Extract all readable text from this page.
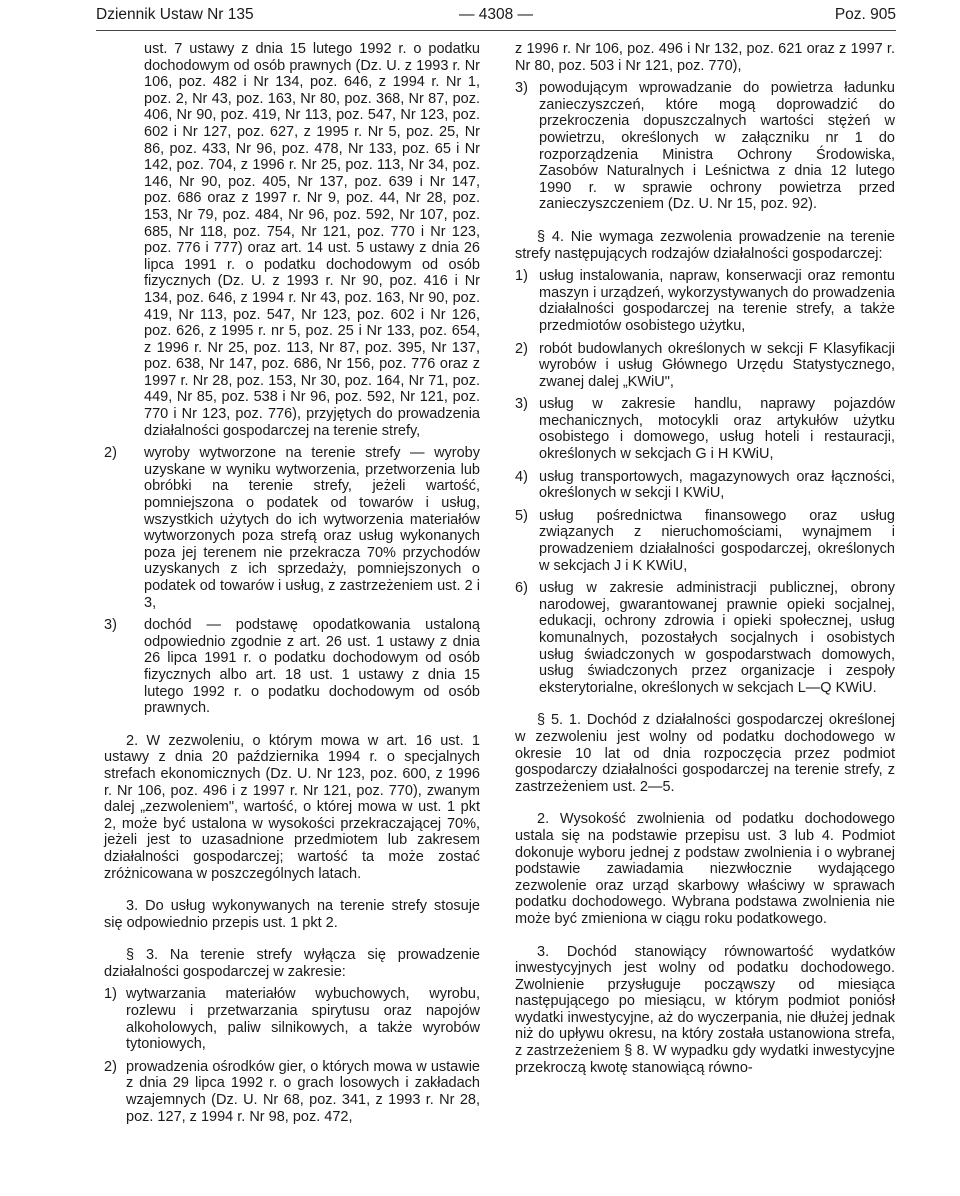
Dziennik Ustaw Nr 135	— 4308 —	Poz. 905

ust. 7 ustawy z dnia 15 lutego 1992 r. o podatku dochodowym od osób prawnych (Dz. U. z 1993 r. Nr 106, poz. 482 i Nr 134, poz. 646, z 1994 r. Nr 1, poz. 2, Nr 43, poz. 163, Nr 80, poz. 368, Nr 87, poz. 406, Nr 90, poz. 419, Nr 113, poz. 547, Nr 123, poz. 602 i Nr 127, poz. 627, z 1995 r. Nr 5, poz. 25, Nr 86, poz. 433, Nr 96, poz. 478, Nr 133, poz. 65 i Nr 142, poz. 704, z 1996 r. Nr 25, poz. 113, Nr 34, poz. 146, Nr 90, poz. 405, Nr 137, poz. 639 i Nr 147, poz. 686 oraz z 1997 r. Nr 9, poz. 44, Nr 28, poz. 153, Nr 79, poz. 484, Nr 96, poz. 592, Nr 107, poz. 685, Nr 118, poz. 754, Nr 121, poz. 770 i Nr 123, poz. 776 i 777) oraz art. 14 ust. 5 ustawy z dnia 26 lipca 1991 r. o podatku dochodowym od osób fizycznych (Dz. U. z 1993 r. Nr 90, poz. 416 i Nr 134, poz. 646, z 1994 r. Nr 43, poz. 163, Nr 90, poz. 419, Nr 113, poz. 547, Nr 123, poz. 602 i Nr 126, poz. 626, z 1995 r. nr 5, poz. 25 i Nr 133, poz. 654, z 1996 r. Nr 25, poz. 113, Nr 87, poz. 395, Nr 137, poz. 638, Nr 147, poz. 686, Nr 156, poz. 776 oraz z 1997 r. Nr 28, poz. 153, Nr 30, poz. 164, Nr 71, poz. 449, Nr 85, poz. 538 i Nr 96, poz. 592, Nr 121, poz. 770 i Nr 123, poz. 776), przyjętych do prowadzenia działalności gospodarczej na terenie strefy,

2) wyroby wytworzone na terenie strefy — wyroby uzyskane w wyniku wytworzenia, przetworzenia lub obróbki na terenie strefy, jeżeli wartość, pomniejszona o podatek od towarów i usług, wszystkich użytych do ich wytworzenia materiałów wytworzonych poza strefą oraz usług wykonanych poza jej terenem nie przekracza 70% przychodów uzyskanych z ich sprzedaży, pomniejszonych o podatek od towarów i usług, z zastrzeżeniem ust. 2 i 3,

3) dochód — podstawę opodatkowania ustaloną odpowiednio zgodnie z art. 26 ust. 1 ustawy z dnia 26 lipca 1991 r. o podatku dochodowym od osób fizycznych albo art. 18 ust. 1 ustawy z dnia 15 lutego 1992 r. o podatku dochodowym od osób prawnych.

2. W zezwoleniu, o którym mowa w art. 16 ust. 1 ustawy z dnia 20 października 1994 r. o specjalnych strefach ekonomicznych (Dz. U. Nr 123, poz. 600, z 1996 r. Nr 106, poz. 496 i z 1997 r. Nr 121, poz. 770), zwanym dalej „zezwoleniem", wartość, o której mowa w ust. 1 pkt 2, może być ustalona w wysokości przekraczającej 70%, jeżeli jest to uzasadnione przedmiotem lub zakresem działalności gospodarczej; wartość ta może zostać zróżnicowana w poszczególnych latach.

3. Do usług wykonywanych na terenie strefy stosuje się odpowiednio przepis ust. 1 pkt 2.

§ 3. Na terenie strefy wyłącza się prowadzenie działalności gospodarczej w zakresie:

1) wytwarzania materiałów wybuchowych, wyrobu, rozlewu i przetwarzania spirytusu oraz napojów alkoholowych, paliw silnikowych, a także wyrobów tytoniowych,

2) prowadzenia ośrodków gier, o których mowa w ustawie z dnia 29 lipca 1992 r. o grach losowych i zakładach wzajemnych (Dz. U. Nr 68, poz. 341, z 1993 r. Nr 28, poz. 127, z 1994 r. Nr 98, poz. 472,

z 1996 r. Nr 106, poz. 496 i Nr 132, poz. 621 oraz z 1997 r. Nr 80, poz. 503 i Nr 121, poz. 770),

3) powodującym wprowadzanie do powietrza ładunku zanieczyszczeń, które mogą doprowadzić do przekroczenia dopuszczalnych wartości stężeń w powietrzu, określonych w załączniku nr 1 do rozporządzenia Ministra Ochrony Środowiska, Zasobów Naturalnych i Leśnictwa z dnia 12 lutego 1990 r. w sprawie ochrony powietrza przed zanieczyszczeniem (Dz. U. Nr 15, poz. 92).

§ 4. Nie wymaga zezwolenia prowadzenie na terenie strefy następujących rodzajów działalności gospodarczej:

1) usług instalowania, napraw, konserwacji oraz remontu maszyn i urządzeń, wykorzystywanych do prowadzenia działalności gospodarczej na terenie strefy, a także przedmiotów osobistego użytku,

2) robót budowlanych określonych w sekcji F Klasyfikacji wyrobów i usług Głównego Urzędu Statystycznego, zwanej dalej „KWiU",

3) usług w zakresie handlu, naprawy pojazdów mechanicznych, motocykli oraz artykułów użytku osobistego i domowego, usług hoteli i restauracji, określonych w sekcjach G i H KWiU,

4) usług transportowych, magazynowych oraz łączności, określonych w sekcji I KWiU,

5) usług pośrednictwa finansowego oraz usług związanych z nieruchomościami, wynajmem i prowadzeniem działalności gospodarczej, określonych w sekcjach J i K KWiU,

6) usług w zakresie administracji publicznej, obrony narodowej, gwarantowanej prawnie opieki socjalnej, edukacji, ochrony zdrowia i opieki społecznej, usług komunalnych, pozostałych socjalnych i osobistych usług świadczonych w gospodarstwach domowych, usług świadczonych przez organizacje i zespoły eksterytorialne, określonych w sekcjach L—Q KWiU.

§ 5. 1. Dochód z działalności gospodarczej określonej w zezwoleniu jest wolny od podatku dochodowego w okresie 10 lat od dnia rozpoczęcia przez podmiot gospodarczy działalności gospodarczej na terenie strefy, z zastrzeżeniem ust. 2—5.

2. Wysokość zwolnienia od podatku dochodowego ustala się na podstawie przepisu ust. 3 lub 4. Podmiot dokonuje wyboru jednej z podstaw zwolnienia i o wybranej podstawie zawiadamia niezwłocznie wydającego zezwolenie oraz urząd skarbowy właściwy w sprawach podatku dochodowego. Wybrana podstawa zwolnienia nie może być zmieniona w ciągu roku podatkowego.

3. Dochód stanowiący równowartość wydatków inwestycyjnych jest wolny od podatku dochodowego. Zwolnienie przysługuje począwszy od miesiąca następującego po miesiącu, w którym podmiot poniósł wydatki inwestycyjne, aż do wyczerpania, nie dłużej jednak niż do upływu okresu, na który została ustanowiona strefa, z zastrzeżeniem § 8. W wypadku gdy wydatki inwestycyjne przekroczą kwotę stanowiącą równo-
